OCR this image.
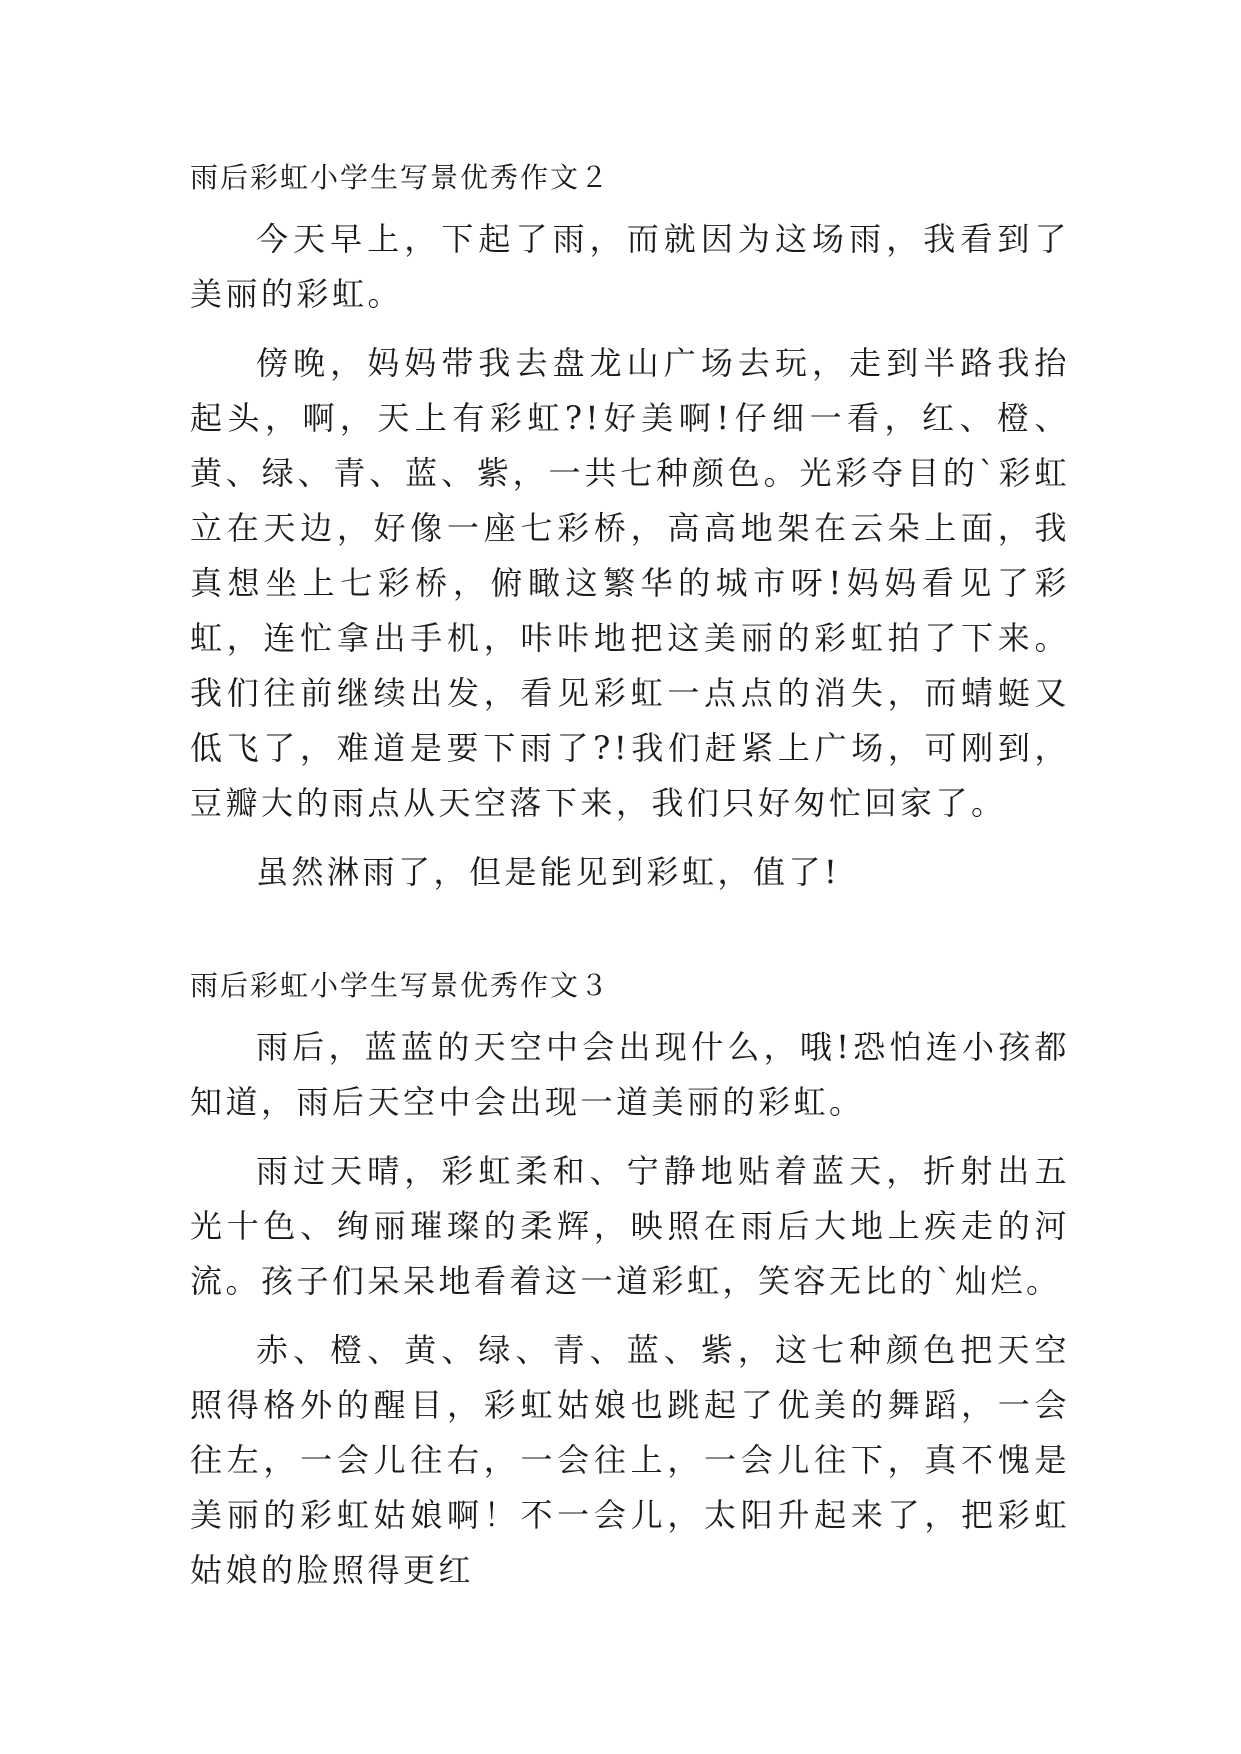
雨后彩虹小学生写景优秀作文２

今天早上，下起了雨，而就因为这场雨，我看到了美丽的彩虹。

傍晚，妈妈带我去盘龙山广场去玩，走到半路我抬起头，啊，天上有彩虹?!好美啊!仔细一看，红、橙、黄、绿、青、蓝、紫，一共七种颜色。光彩夺目的`彩虹立在天边，好像一座七彩桥，高高地架在云朵上面，我真想坐上七彩桥，俯瞰这繁华的城市呀!妈妈看见了彩虹，连忙拿出手机，咔咔地把这美丽的彩虹拍了下来。我们往前继续出发，看见彩虹一点点的消失，而蜻蜓又低飞了，难道是要下雨了?!我们赶紧上广场，可刚到，豆瓣大的雨点从天空落下来，我们只好匆忙回家了。

虽然淋雨了，但是能见到彩虹，值了!

雨后彩虹小学生写景优秀作文３

雨后，蓝蓝的天空中会出现什么，哦!恐怕连小孩都知道，雨后天空中会出现一道美丽的彩虹。

雨过天晴，彩虹柔和、宁静地贴着蓝天，折射出五光十色、绚丽璀璨的柔辉，映照在雨后大地上疾走的河流。孩子们呆呆地看着这一道彩虹，笑容无比的`灿烂。

赤、橙、黄、绿、青、蓝、紫，这七种颜色把天空照得格外的醒目，彩虹姑娘也跳起了优美的舞蹈，一会往左，一会儿往右，一会往上，一会儿往下，真不愧是美丽的彩虹姑娘啊！不一会儿，太阳升起来了，把彩虹姑娘的脸照得更红
